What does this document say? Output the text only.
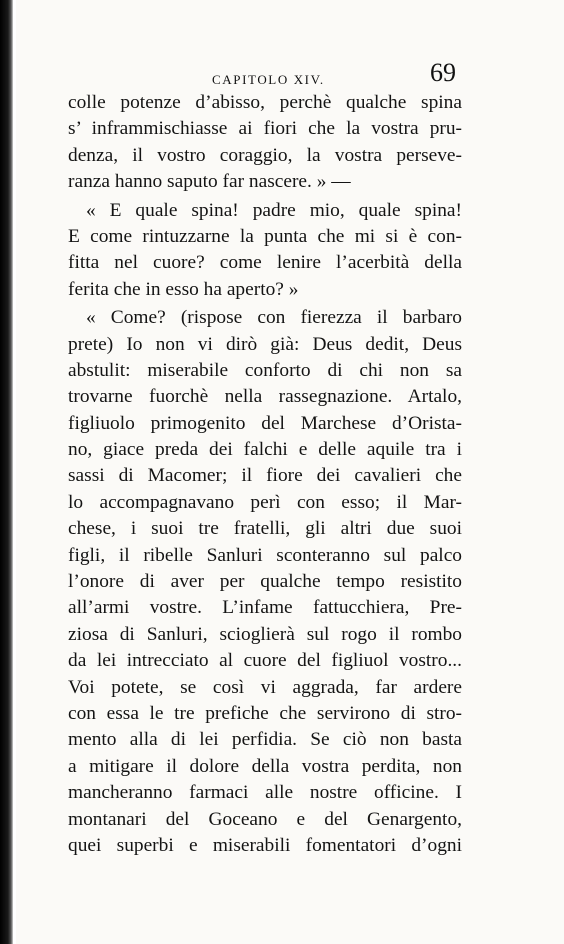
CAPITOLO XIV.	69
colle potenze d’abisso, perchè qualche spina
s’ inframmischiasse ai fiori che la vostra pru-
denza, il vostro coraggio, la vostra perseve-
ranza hanno saputo far nascere. » —
« E quale spina! padre mio, quale spina!
E come rintuzzarne la punta che mi si è con-
fitta nel cuore? come lenire l’acerbità della
ferita che in esso ha aperto? »
« Come? (rispose con fierezza il barbaro
prete) Io non vi dirò già: Deus dedit, Deus
abstulit: miserabile conforto di chi non sa
trovarne fuorchè nella rassegnazione. Artalo,
figliuolo primogenito del Marchese d’Orista-
no, giace preda dei falchi e delle aquile tra i
sassi di Macomer; il fiore dei cavalieri che
lo accompagnavano perì con esso; il Mar-
chese, i suoi tre fratelli, gli altri due suoi
figli, il ribelle Sanluri sconteranno sul palco
l’onore di aver per qualche tempo resistito
all’armi vostre. L’infame fattucchiera, Pre-
ziosa di Sanluri, scioglierà sul rogo il rombo
da lei intrecciato al cuore del figliuol vostro...
Voi potete, se così vi aggrada, far ardere
con essa le tre prefiche che servirono di stro-
mento alla di lei perfidia. Se ciò non basta
a mitigare il dolore della vostra perdita, non
mancheranno farmaci alle nostre officine. I
montanari del Goceano e del Genargento,
quei superbi e miserabili fomentatori d’ogni
